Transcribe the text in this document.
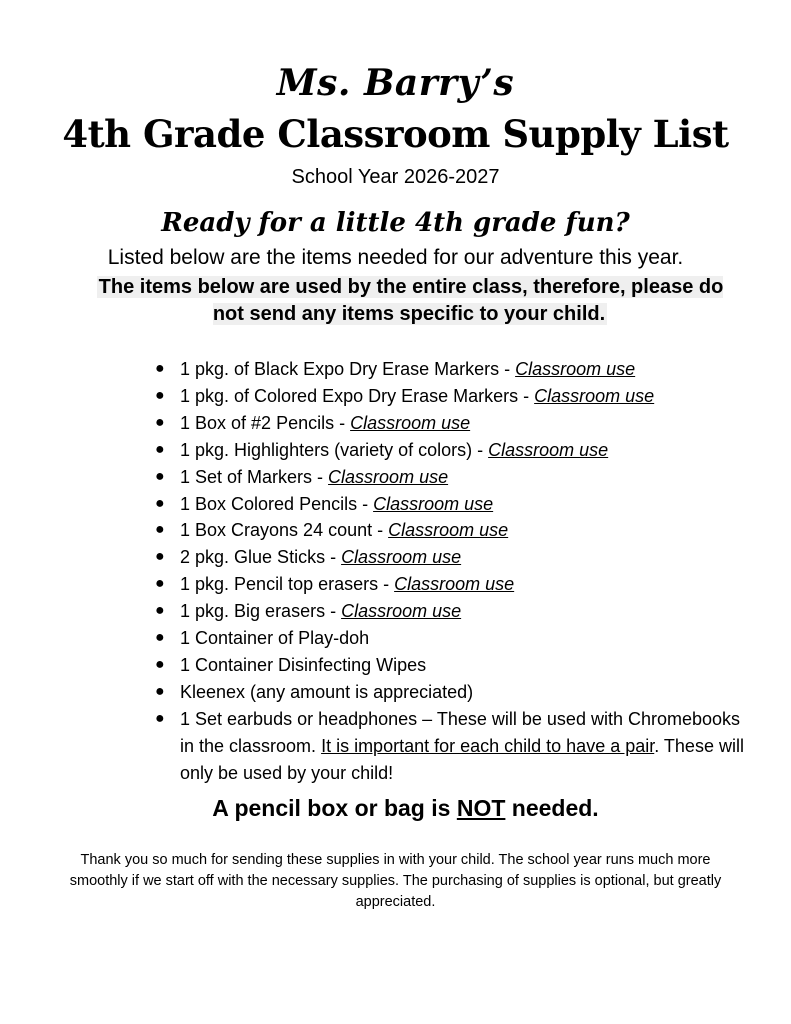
Ms. Barry’s
4th Grade Classroom Supply List
School Year 2026-2027
Ready for a little 4th grade fun?
Listed below are the items needed for our adventure this year.
The items below are used by the entire class, therefore, please do not send any items specific to your child.
● 1 pkg. of Black Expo Dry Erase Markers - Classroom use
● 1 pkg. of Colored Expo Dry Erase Markers - Classroom use
● 1 Box of #2 Pencils - Classroom use
● 1 pkg. Highlighters (variety of colors) - Classroom use
● 1 Set of Markers - Classroom use
● 1 Box Colored Pencils - Classroom use
● 1 Box Crayons 24 count - Classroom use
● 2 pkg. Glue Sticks - Classroom use
● 1 pkg. Pencil top erasers - Classroom use
● 1 pkg. Big erasers - Classroom use
● 1 Container of Play-doh
● 1 Container Disinfecting Wipes
● Kleenex (any amount is appreciated)
● 1 Set earbuds or headphones – These will be used with Chromebooks in the classroom. It is important for each child to have a pair. These will only be used by your child!
A pencil box or bag is NOT needed.
Thank you so much for sending these supplies in with your child. The school year runs much more smoothly if we start off with the necessary supplies. The purchasing of supplies is optional, but greatly appreciated.
